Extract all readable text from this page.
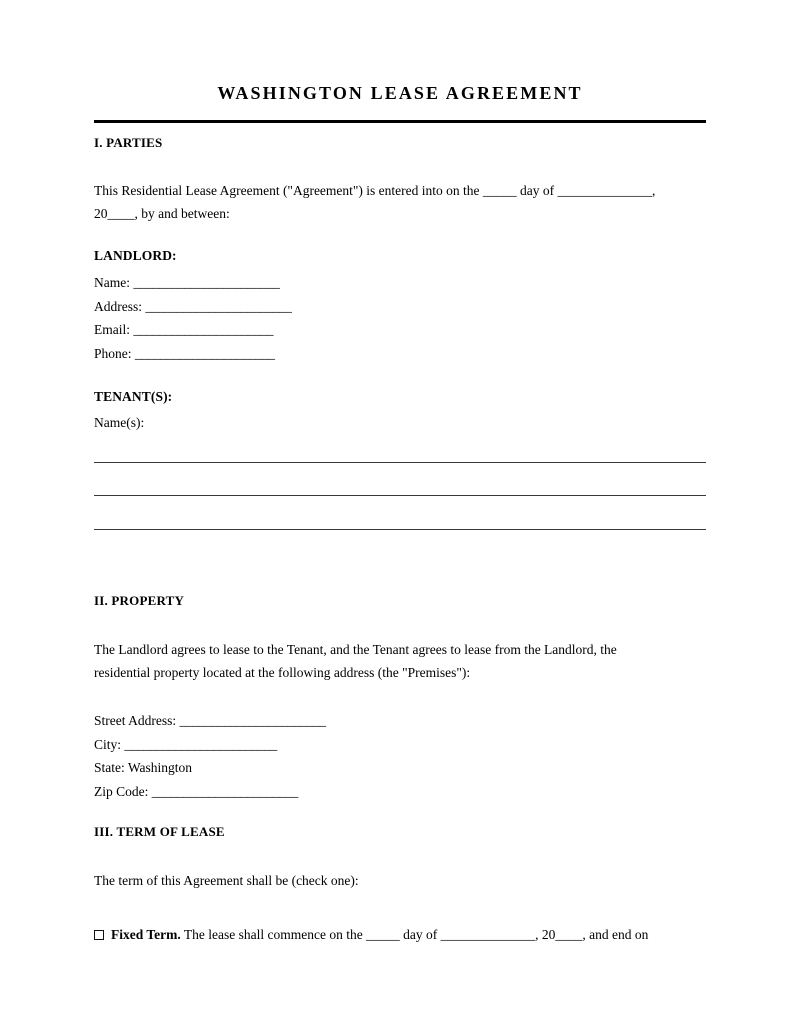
WASHINGTON LEASE AGREEMENT
I. PARTIES
This Residential Lease Agreement ("Agreement") is entered into on the _____ day of ______________,
20____, by and between:
LANDLORD:
Name: _______________________
Address: _______________________
Email: ______________________
Phone: ______________________
TENANT(S):
Name(s):
II. PROPERTY
The Landlord agrees to lease to the Tenant, and the Tenant agrees to lease from the Landlord, the
residential property located at the following address (the "Premises"):
Street Address: _______________________
City: ________________________
State: Washington
Zip Code: _______________________
III. TERM OF LEASE
The term of this Agreement shall be (check one):
Fixed Term. The lease shall commence on the _____ day of ______________, 20____, and end on
